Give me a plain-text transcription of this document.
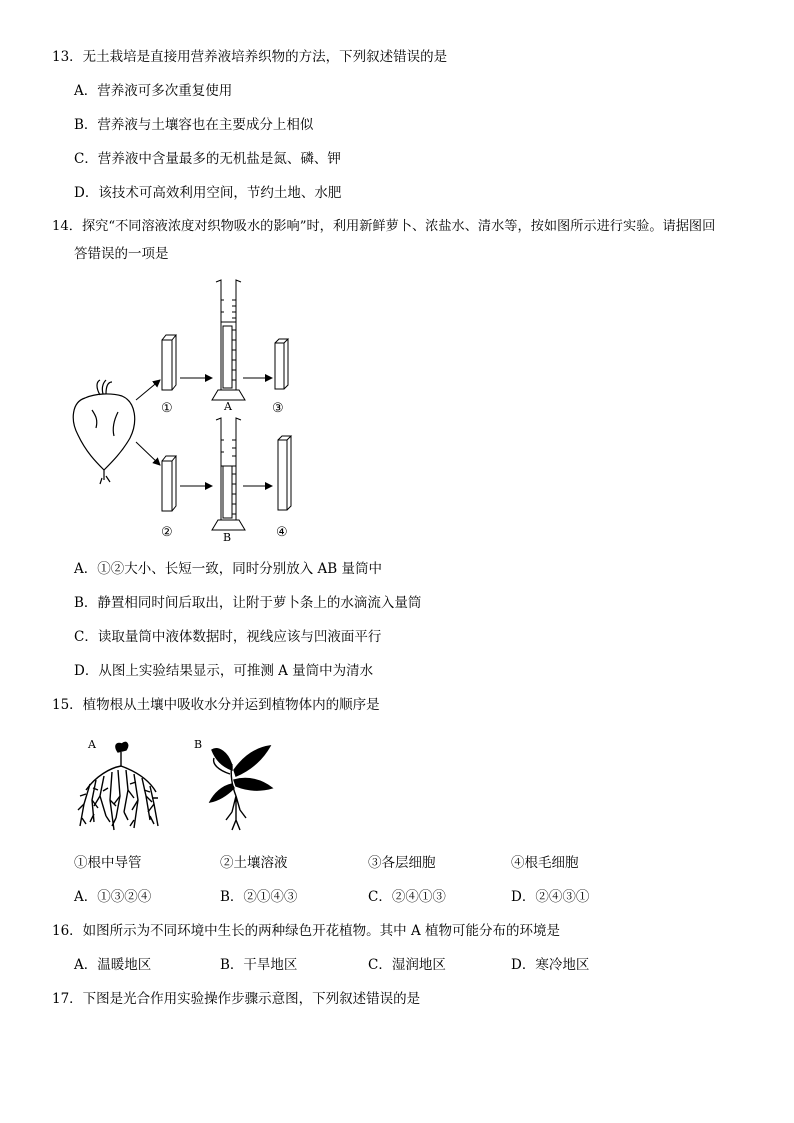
13．无土栽培是直接用营养液培养织物的方法，下列叙述错误的是
A．营养液可多次重复使用
B．营养液与土壤容也在主要成分上相似
C．营养液中含量最多的无机盐是氮、磷、钾
D．该技术可高效利用空间，节约土地、水肥
14．探究“不同溶液浓度对织物吸水的影响”时，利用新鲜萝卜、浓盐水、清水等，按如图所示进行实验。请据图回
答错误的一项是
①	A	③
②	B	④
A．①②大小、长短一致，同时分别放入 AB 量筒中
B．静置相同时间后取出，让附于萝卜条上的水滴流入量筒
C．读取量筒中液体数据时，视线应该与凹液面平行
D．从图上实验结果显示，可推测 A 量筒中为清水
15．植物根从土壤中吸收水分并运到植物体内的顺序是
A	B
①根中导管	②土壤溶液	③各层细胞	④根毛细胞
A．①③②④	B．②①④③	C．②④①③	D．②④③①
16．如图所示为不同环境中生长的两种绿色开花植物。其中 A 植物可能分布的环境是
A．温暖地区	B．干旱地区	C．湿润地区	D．寒冷地区
17．下图是光合作用实验操作步骤示意图，下列叙述错误的是
